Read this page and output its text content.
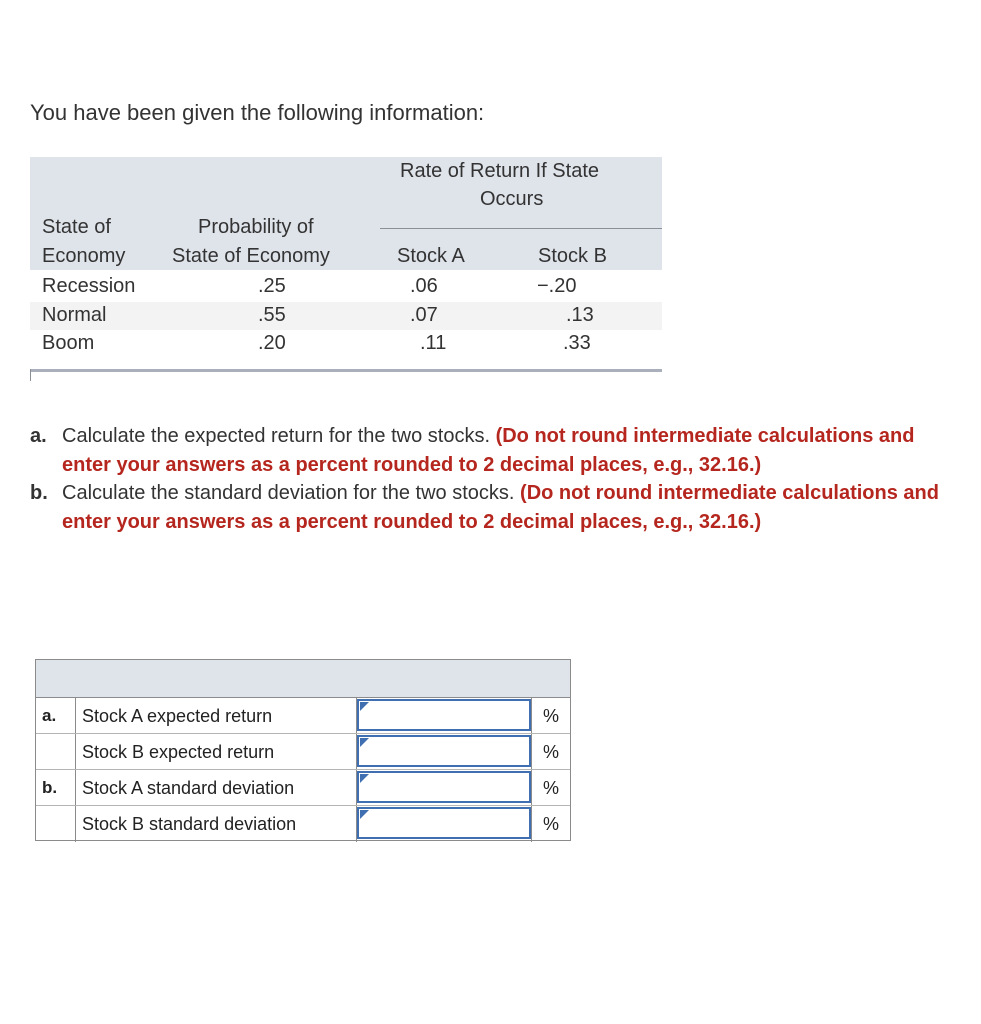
You have been given the following information:
Rate of Return If State
Occurs
State of
Economy
Probability of
State of Economy	Stock A	Stock B
Recession	.25	.06	−.20
Normal	.55	.07	.13
Boom	.20	.11	.33
a. Calculate the expected return for the two stocks. (Do not round intermediate calculations and enter your answers as a percent rounded to 2 decimal places, e.g., 32.16.)
b. Calculate the standard deviation for the two stocks. (Do not round intermediate calculations and enter your answers as a percent rounded to 2 decimal places, e.g., 32.16.)
a.	Stock A expected return	%
Stock B expected return	%
b.	Stock A standard deviation	%
Stock B standard deviation	%
